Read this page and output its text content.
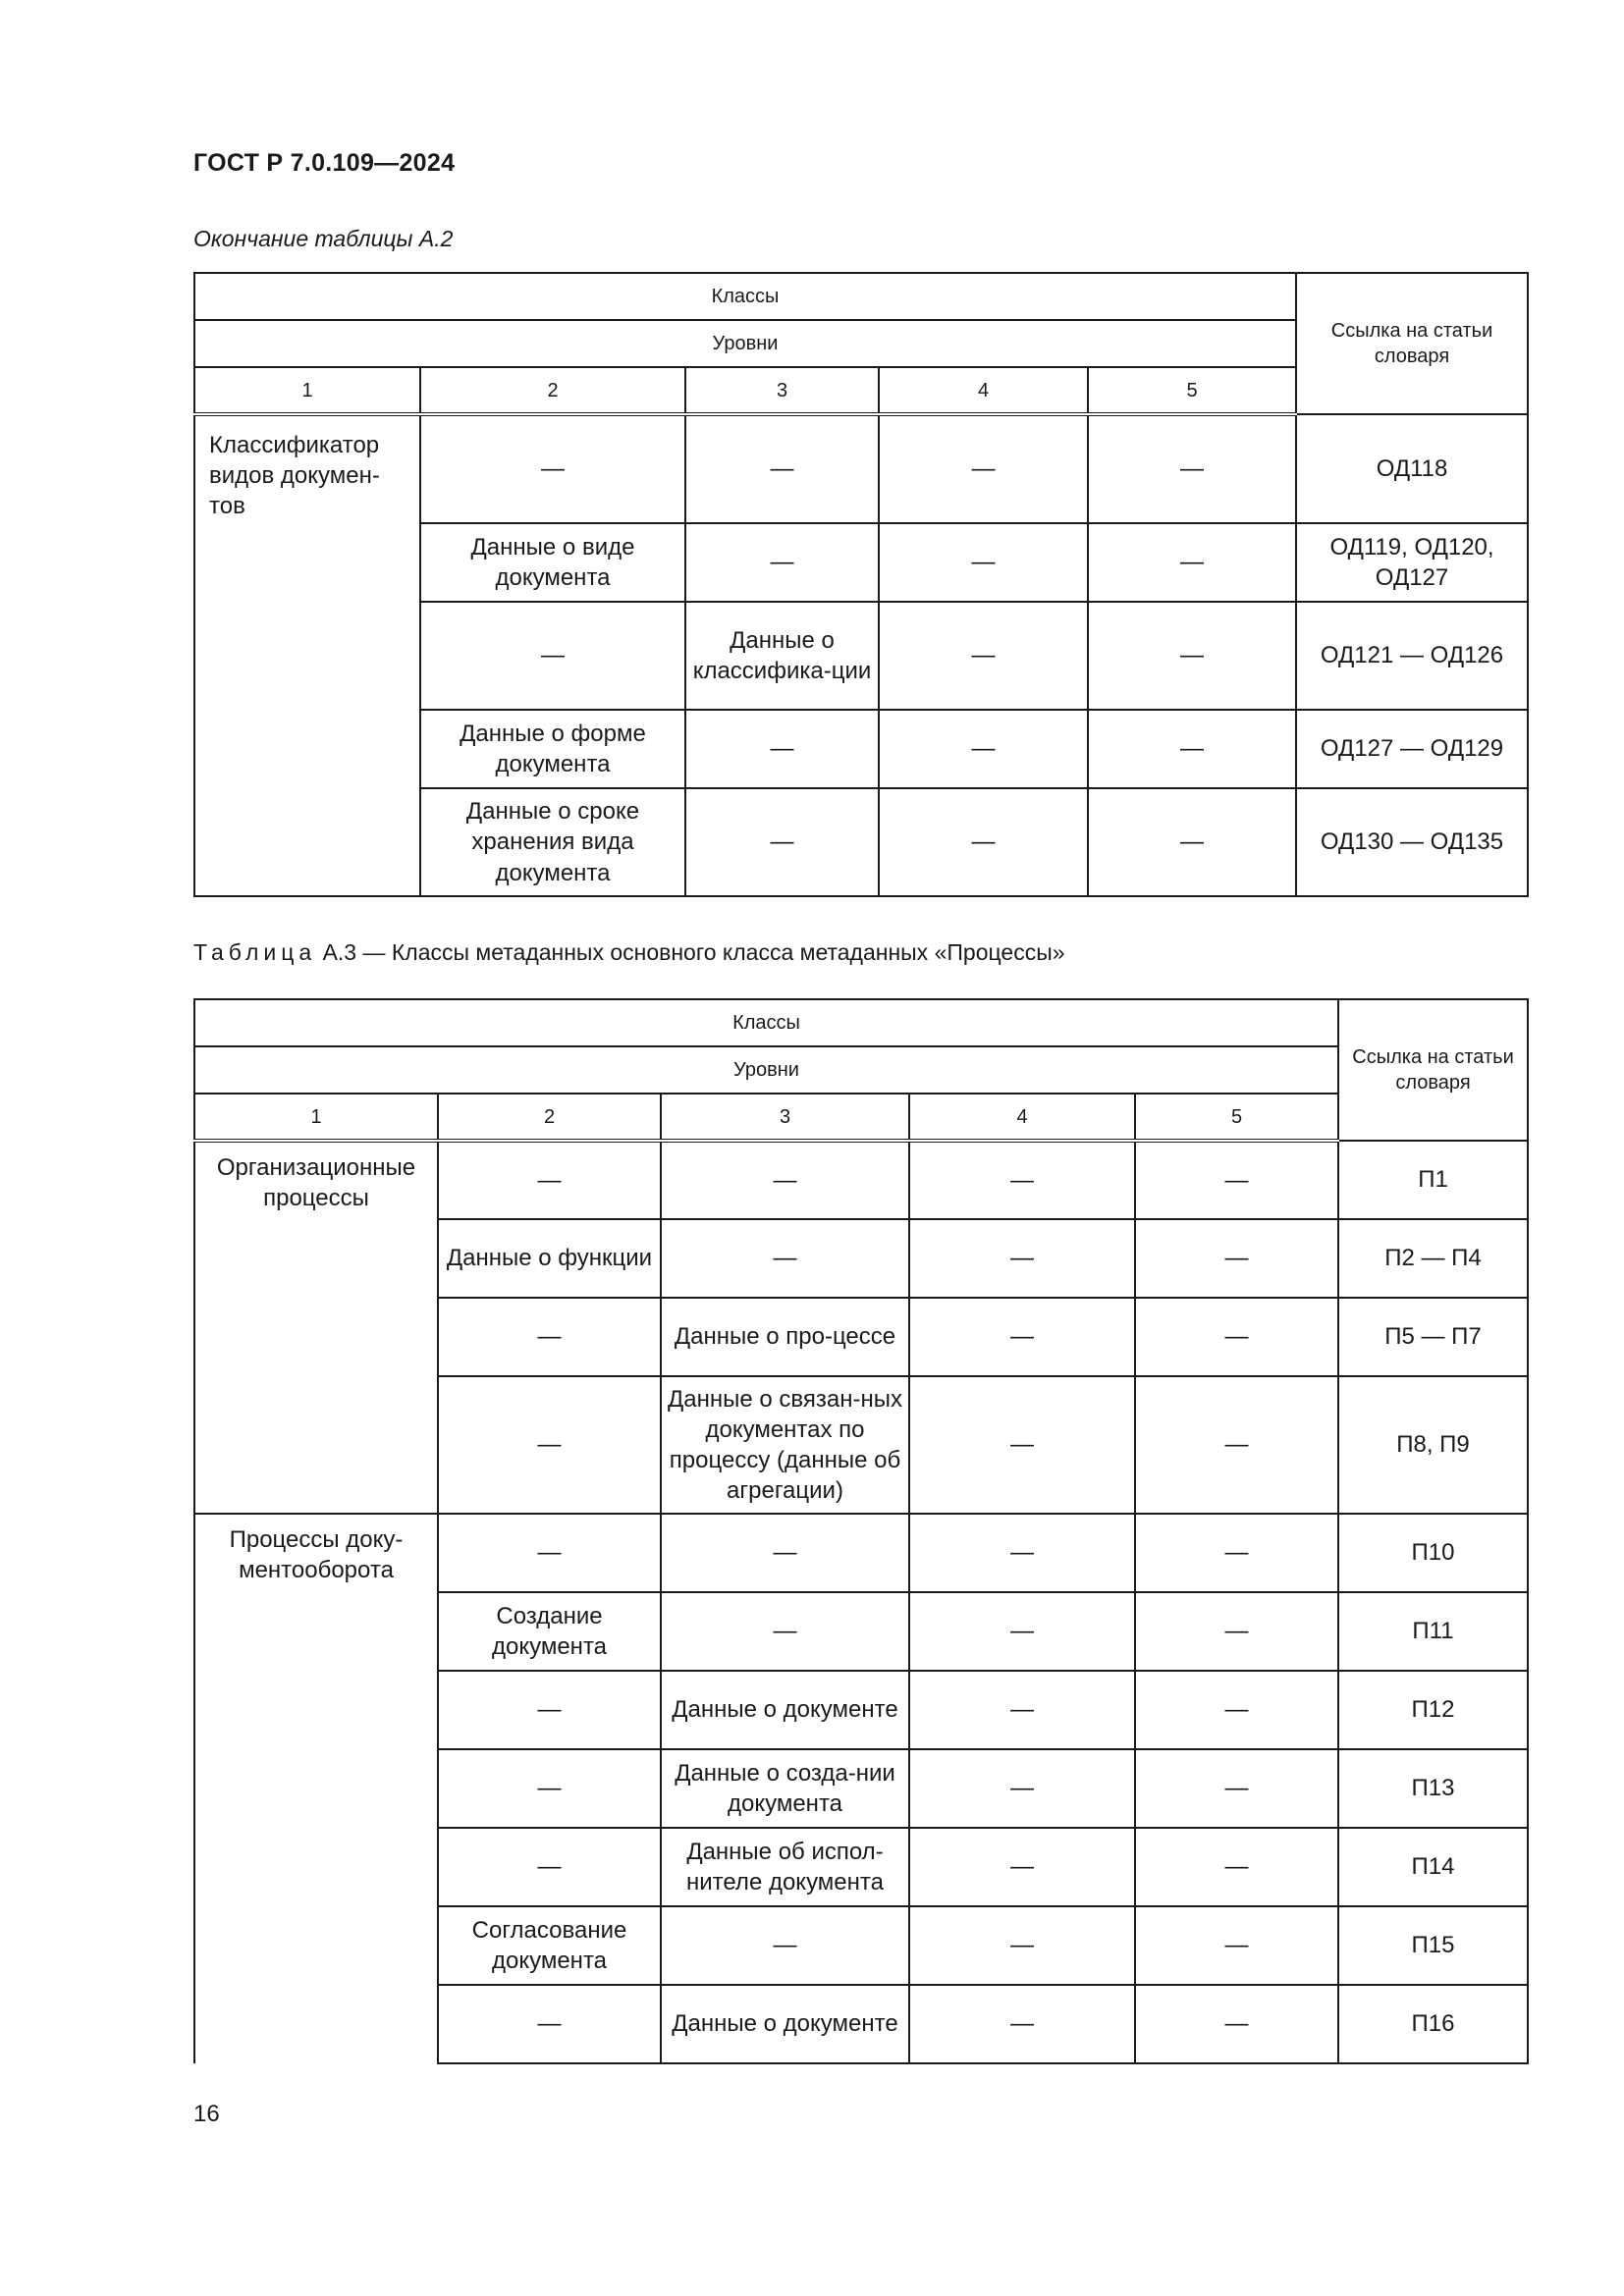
ГОСТ Р 7.0.109—2024
Окончание таблицы А.2
Классы					Ссылка на статьи словаря
Уровни					
1	2	3	4	5	
Классификатор видов докумен-тов	—	—	—	—	ОД118
	Данные о виде документа	—	—	—	ОД119, ОД120, ОД127
	—	Данные о классифика-ции	—	—	ОД121 — ОД126
	Данные о форме документа	—	—	—	ОД127 — ОД129
	Данные о сроке хранения вида документа	—	—	—	ОД130 — ОД135
Таблица А.3 — Классы метаданных основного класса метаданных «Процессы»
Классы					Ссылка на статьи словаря
Уровни					
1	2	3	4	5	
Организационные процессы	—	—	—	—	П1
	Данные о функции	—	—	—	П2 — П4
	—	Данные о про-цессе	—	—	П5 — П7
	—	Данные о связан-ных документах по процессу (данные об агрегации)	—	—	П8, П9
Процессы доку-ментооборота	—	—	—	—	П10
	Создание документа	—	—	—	П11
	—	Данные о документе	—	—	П12
	—	Данные о созда-нии документа	—	—	П13
	—	Данные об испол-нителе документа	—	—	П14
	Согласование документа	—	—	—	П15
	—	Данные о документе	—	—	П16
16
